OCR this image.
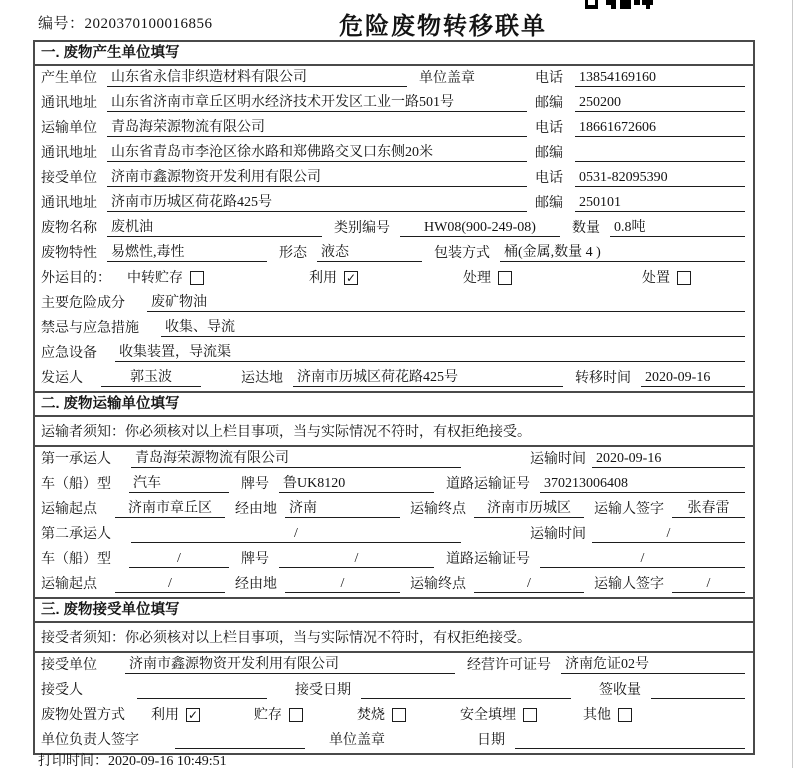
编号：2020370100016856	危险废物转移联单
一. 废物产生单位填写
产生单位	山东省永信非织造材料有限公司	单位盖章	电话	13854169160
通讯地址	山东省济南市章丘区明水经济技术开发区工业一路501号	邮编	250200
运输单位	青岛海荣源物流有限公司	电话	18661672606
通讯地址	山东省青岛市李沧区徐水路和郑佛路交叉口东侧20米	邮编
接受单位	济南市鑫源物资开发利用有限公司	电话	0531-82095390
通讯地址	济南市历城区荷花路425号	邮编	250101
废物名称	废机油	类别编号	HW08(900-249-08)	数量 0.8吨
废物特性	易燃性,毒性	形态 液态	包装方式 桶(金属,数量 4 )
外运目的： 中转贮存	利用 ✓	处理	处置
主要危险成分	废矿物油
禁忌与应急措施	收集、导流
应急设备	收集装置，导流渠
发运人	郭玉波	运达地 济南市历城区荷花路425号	转移时间 2020-09-16
二. 废物运输单位填写
运输者须知：你必须核对以上栏目事项，当与实际情况不符时，有权拒绝接受。
第一承运人	青岛海荣源物流有限公司	运输时间 2020-09-16
车（船）型	汽车	牌号 鲁UK8120	道路运输证号 370213006408
运输起点	济南市章丘区	经由地 济南	运输终点	济南市历城区	运输人签字	张春雷
第二承运人	/	运输时间	/
车（船）型	/	牌号	/	道路运输证号	/
运输起点	/	经由地	/	运输终点	/	运输人签字	/
三. 废物接受单位填写
接受者须知：你必须核对以上栏目事项，当与实际情况不符时，有权拒绝接受。
接受单位	济南市鑫源物资开发利用有限公司	经营许可证号 济南危证02号
接受人	接受日期	签收量
废物处置方式 利用 ✓	贮存	焚烧	安全填埋	其他
单位负责人签字	单位盖章	日期
打印时间：2020-09-16 10:49:51
